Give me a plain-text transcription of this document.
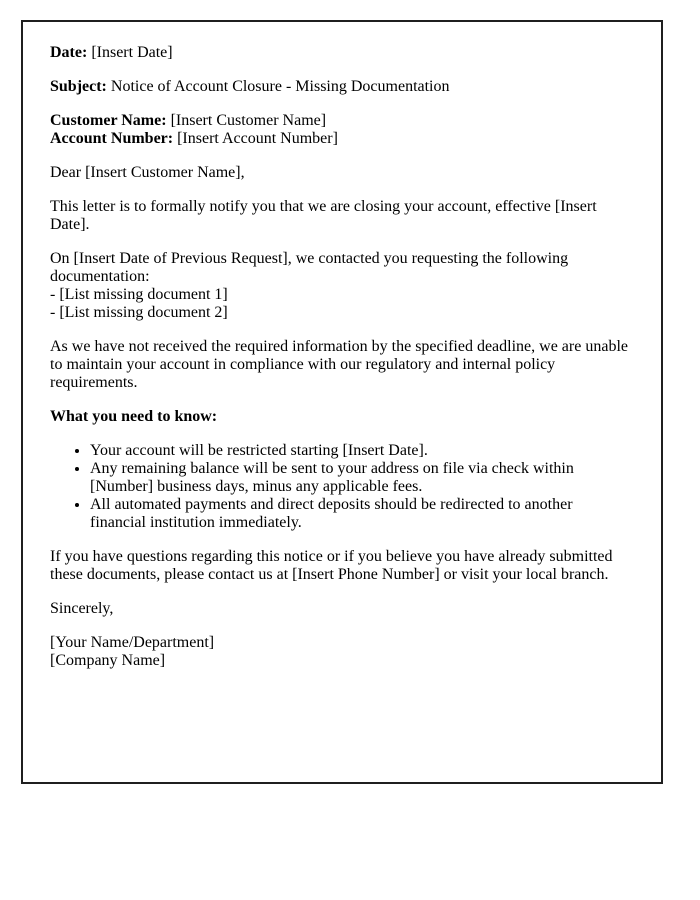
Date: [Insert Date]

Subject: Notice of Account Closure - Missing Documentation

Customer Name: [Insert Customer Name]
Account Number: [Insert Account Number]

Dear [Insert Customer Name],

This letter is to formally notify you that we are closing your account, effective [Insert Date].

On [Insert Date of Previous Request], we contacted you requesting the following documentation:
- [List missing document 1]
- [List missing document 2]

As we have not received the required information by the specified deadline, we are unable to maintain your account in compliance with our regulatory and internal policy requirements.

What you need to know:

• Your account will be restricted starting [Insert Date].
• Any remaining balance will be sent to your address on file via check within [Number] business days, minus any applicable fees.
• All automated payments and direct deposits should be redirected to another financial institution immediately.

If you have questions regarding this notice or if you believe you have already submitted these documents, please contact us at [Insert Phone Number] or visit your local branch.

Sincerely,

[Your Name/Department]
[Company Name]
